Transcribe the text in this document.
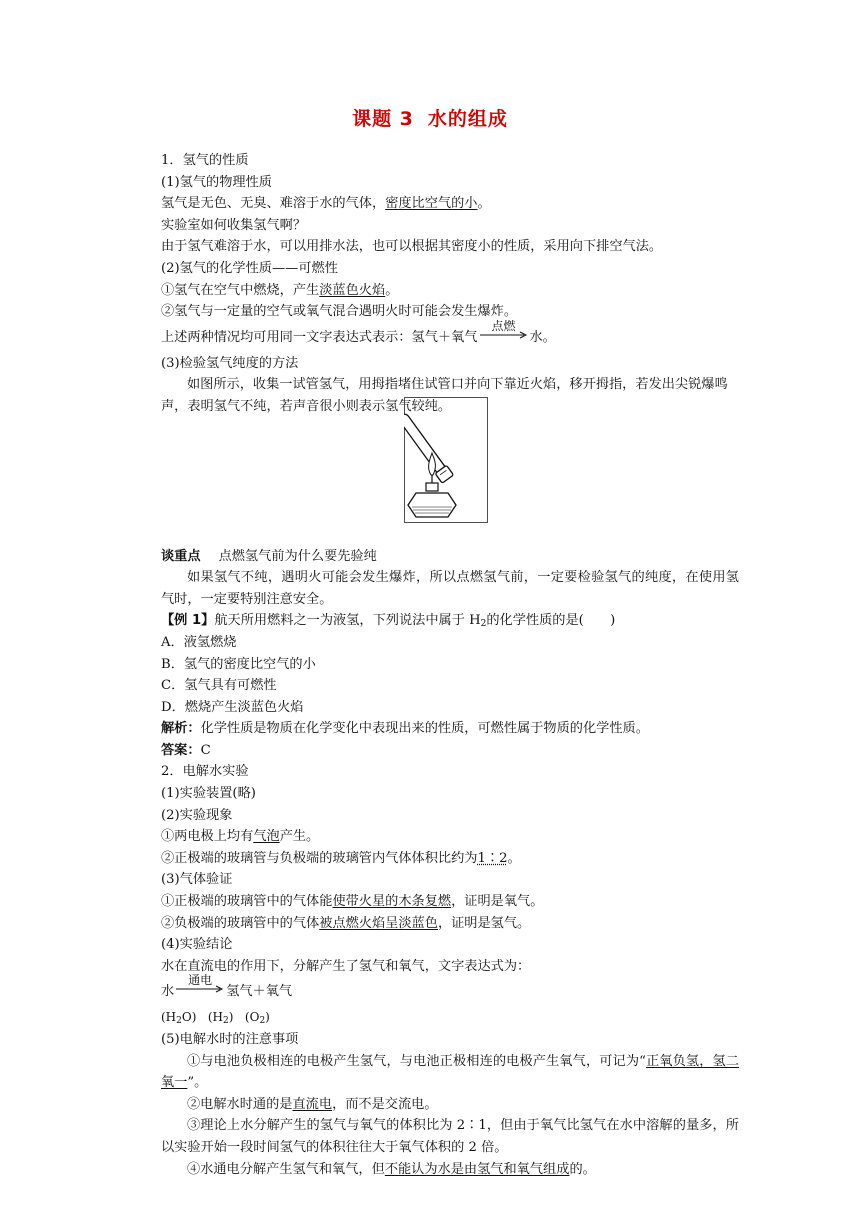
课题 3 水的组成
1．氢气的性质
(1)氢气的物理性质
氢气是无色、无臭、难溶于水的气体，密度比空气的小。
实验室如何收集氢气啊？
由于氢气难溶于水，可以用排水法，也可以根据其密度小的性质，采用向下排空气法。
(2)氢气的化学性质——可燃性
①氢气在空气中燃烧，产生淡蓝色火焰。
②氢气与一定量的空气或氧气混合遇明火时可能会发生爆炸。
上述两种情况均可用同一文字表达式表示：氢气＋氧气
点燃
水。
(3)检验氢气纯度的方法
如图所示，收集一试管氢气，用拇指堵住试管口并向下靠近火焰，移开拇指，若发出尖锐爆鸣声，表明氢气不纯，若声音很小则表示氢气较纯。
谈重点 点燃氢气前为什么要先验纯
如果氢气不纯，遇明火可能会发生爆炸，所以点燃氢气前，一定要检验氢气的纯度，在使用氢气时，一定要特别注意安全。
【例 1】航天所用燃料之一为液氢，下列说法中属于 $H_2$的化学性质的是(　　)
A．液氢燃烧
B．氢气的密度比空气的小
C．氢气具有可燃性
D．燃烧产生淡蓝色火焰
解析：化学性质是物质在化学变化中表现出来的性质，可燃性属于物质的化学性质。
答案：C
2．电解水实验
(1)实验装置(略)
(2)实验现象
①两电极上均有气泡产生。
②正极端的玻璃管与负极端的玻璃管内气体体积比约为1∶2。
(3)气体验证
①正极端的玻璃管中的气体能使带火星的木条复燃，证明是氧气。
②负极端的玻璃管中的气体被点燃火焰呈淡蓝色，证明是氢气。
(4)实验结论
水在直流电的作用下，分解产生了氢气和氧气，文字表达式为：
水
通电
氢气＋氧气
$(H_2O)$ $(H_2)$ $(O_2)$
(5)电解水时的注意事项
①与电池负极相连的电极产生氢气，与电池正极相连的电极产生氧气，可记为“正氧负氢，氢二氧一”。
②电解水时通的是直流电，而不是交流电。
③理论上水分解产生的氢气与氧气的体积比为 2∶1，但由于氧气比氢气在水中溶解的量多，所以实验开始一段时间氢气的体积往往大于氧气体积的 2 倍。
④水通电分解产生氢气和氧气，但不能认为水是由氢气和氧气组成的。
